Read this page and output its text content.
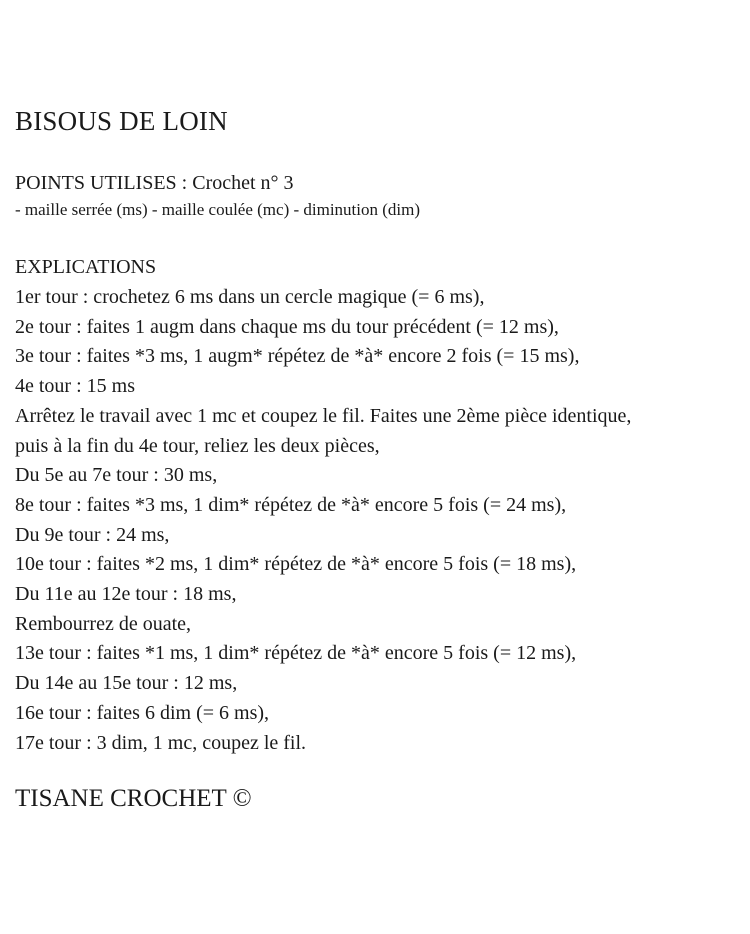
BISOUS DE LOIN
POINTS UTILISES : Crochet n° 3
- maille serrée (ms) - maille coulée (mc) - diminution (dim)
EXPLICATIONS
1er tour : crochetez 6 ms dans un cercle magique (= 6 ms),
2e tour : faites 1 augm dans chaque ms du tour précédent (= 12 ms),
3e tour : faites *3 ms, 1 augm* répétez de *à* encore 2 fois (= 15 ms),
4e tour : 15 ms
Arrêtez le travail avec 1 mc et coupez le fil. Faites une 2ème pièce identique,
puis à la fin du 4e tour, reliez les deux pièces,
Du 5e au 7e tour : 30 ms,
8e tour : faites *3 ms, 1 dim* répétez de *à* encore 5 fois (= 24 ms),
Du 9e tour : 24 ms,
10e tour : faites *2 ms, 1 dim* répétez de *à* encore 5 fois (= 18 ms),
Du 11e au 12e tour : 18 ms,
Rembourrez de ouate,
13e tour : faites *1 ms, 1 dim* répétez de *à* encore 5 fois (= 12 ms),
Du 14e au 15e tour : 12 ms,
16e tour : faites 6 dim (= 6 ms),
17e tour : 3 dim, 1 mc, coupez le fil.
TISANE CROCHET ©
